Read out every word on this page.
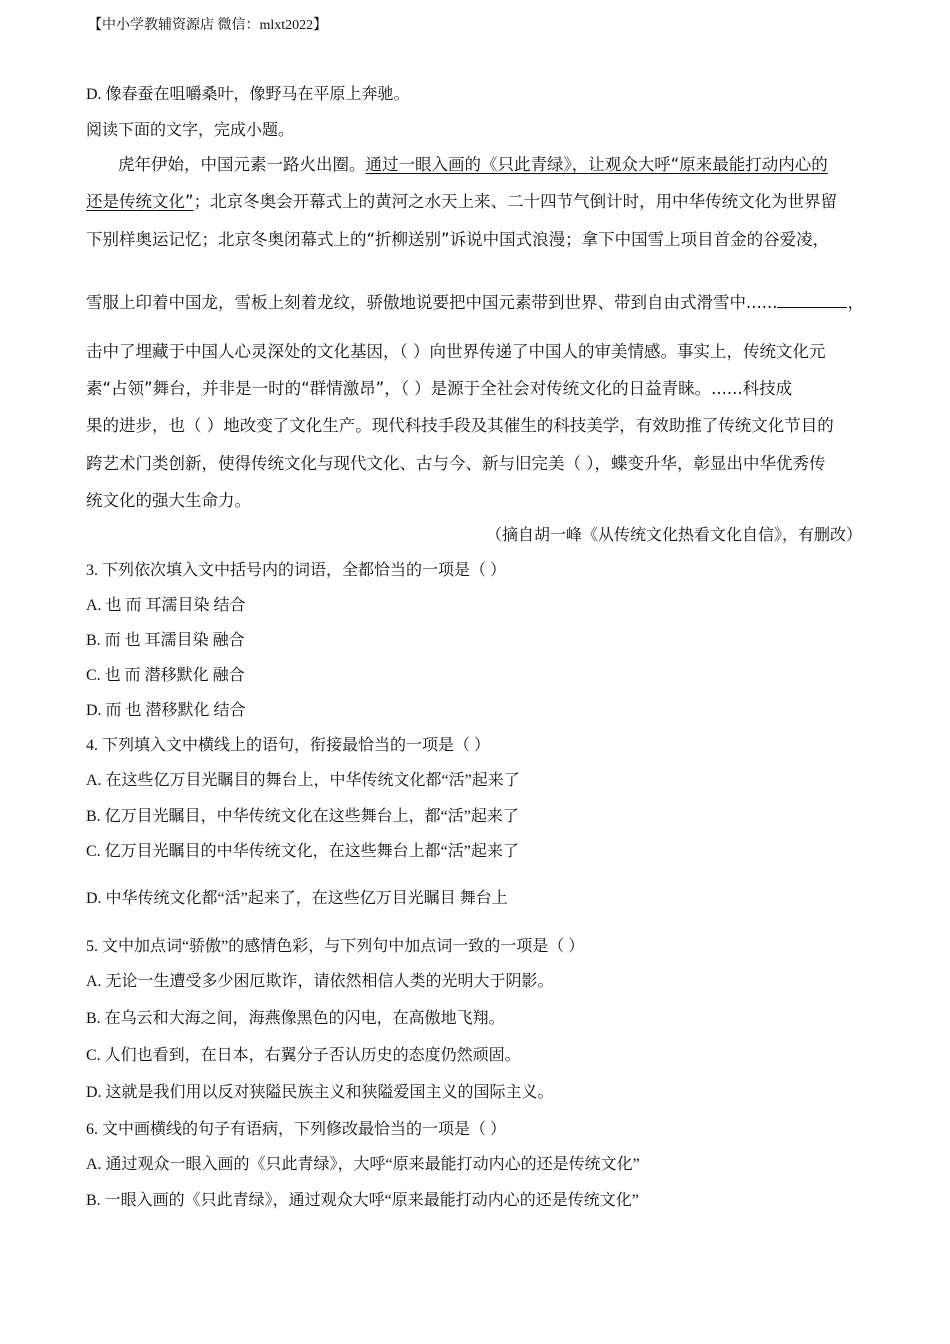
【中小学教辅资源店 微信：mlxt2022】
D. 像春蚕在咀嚼桑叶，像野马在平原上奔驰。
阅读下面的文字，完成小题。
虎年伊始，中国元素一路火出圈。通过一眼入画的《只此青绿》，让观众大呼“原来最能打动内心的
还是传统文化”；北京冬奥会开幕式上的黄河之水天上来、二十四节气倒计时，用中华传统文化为世界留
下别样奥运记忆；北京冬奥闭幕式上的“折柳送别”诉说中国式浪漫；拿下中国雪上项目首金的谷爱凌，
雪服上印着中国龙，雪板上刻着龙纹，骄傲地说要把中国元素带到世界、带到自由式滑雪中......	，
击中了埋藏于中国人心灵深处的文化基因，（ ）向世界传递了中国人的审美情感。事实上，传统文化元
素“占领”舞台，并非是一时的“群情激昂”，（ ）是源于全社会对传统文化的日益青睐。......科技成
果的进步，也（ ）地改变了文化生产。现代科技手段及其催生的科技美学，有效助推了传统文化节目的
跨艺术门类创新，使得传统文化与现代文化、古与今、新与旧完美（ ），蝶变升华，彰显出中华优秀传
统文化的强大生命力。
（摘自胡一峰《从传统文化热看文化自信》，有删改）
3. 下列依次填入文中括号内的词语，全都恰当的一项是（ ）
A. 也 而 耳濡目染 结合
B. 而 也 耳濡目染 融合
C. 也 而 潜移默化 融合
D. 而 也 潜移默化 结合
4. 下列填入文中横线上的语句，衔接最恰当的一项是（ ）
A. 在这些亿万目光瞩目的舞台上，中华传统文化都“活”起来了
B. 亿万目光瞩目，中华传统文化在这些舞台上，都“活”起来了
C. 亿万目光瞩目的中华传统文化，在这些舞台上都“活”起来了
D. 中华传统文化都“活”起来了，在这些亿万目光瞩目 舞台上
5. 文中加点词“骄傲”的感情色彩，与下列句中加点词一致的一项是（ ）
A. 无论一生遭受多少困厄欺诈，请依然相信人类的光明大于阴影。
B. 在乌云和大海之间，海燕像黑色的闪电，在高傲地飞翔。
C. 人们也看到，在日本，右翼分子否认历史的态度仍然顽固。
D. 这就是我们用以反对狭隘民族主义和狭隘爱国主义的国际主义。
6. 文中画横线的句子有语病，下列修改最恰当的一项是（ ）
A. 通过观众一眼入画的《只此青绿》，大呼“原来最能打动内心的还是传统文化”
B. 一眼入画的《只此青绿》，通过观众大呼“原来最能打动内心的还是传统文化”
